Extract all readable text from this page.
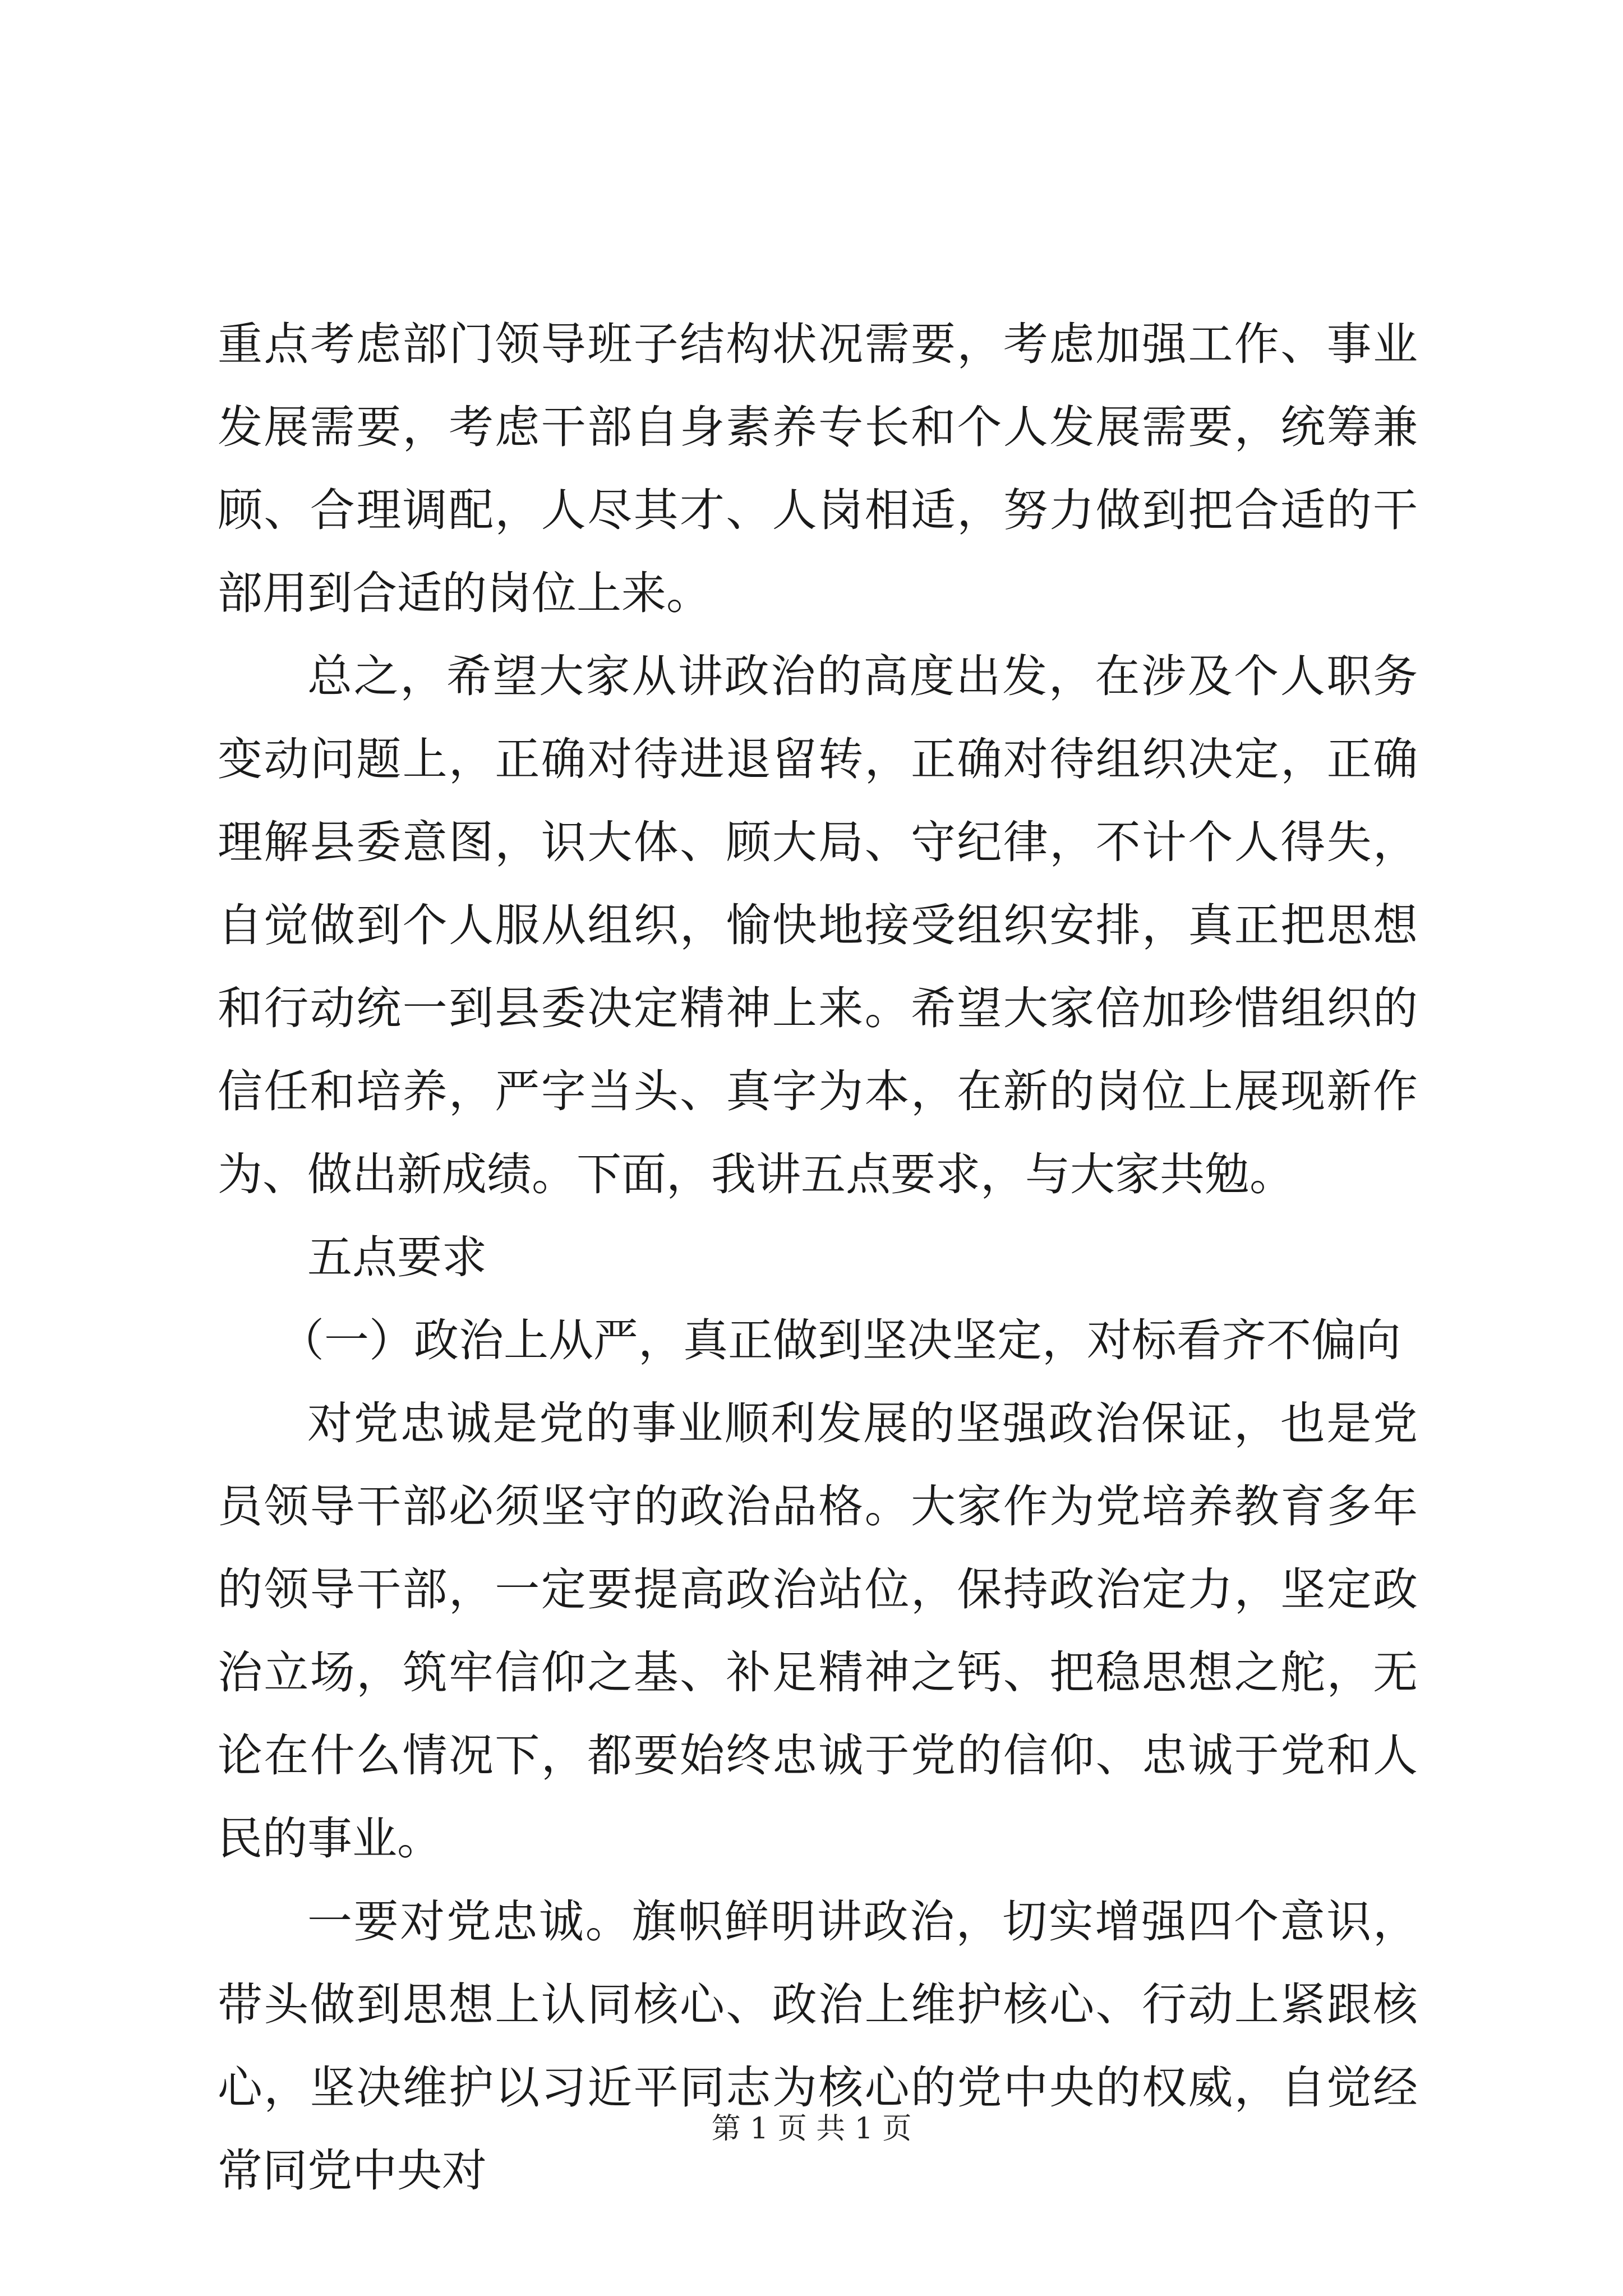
重点考虑部门领导班子结构状况需要，考虑加强工作、事业发展需要，考虑干部自身素养专长和个人发展需要，统筹兼顾、合理调配，人尽其才、人岗相适，努力做到把合适的干部用到合适的岗位上来。

总之，希望大家从讲政治的高度出发，在涉及个人职务变动问题上，正确对待进退留转，正确对待组织决定，正确理解县委意图，识大体、顾大局、守纪律，不计个人得失，自觉做到个人服从组织，愉快地接受组织安排，真正把思想和行动统一到县委决定精神上来。希望大家倍加珍惜组织的信任和培养，严字当头、真字为本，在新的岗位上展现新作为、做出新成绩。下面，我讲五点要求，与大家共勉。

五点要求

（一）政治上从严，真正做到坚决坚定，对标看齐不偏向

对党忠诚是党的事业顺利发展的坚强政治保证，也是党员领导干部必须坚守的政治品格。大家作为党培养教育多年的领导干部，一定要提高政治站位，保持政治定力，坚定政治立场，筑牢信仰之基、补足精神之钙、把稳思想之舵，无论在什么情况下，都要始终忠诚于党的信仰、忠诚于党和人民的事业。

一要对党忠诚。旗帜鲜明讲政治，切实增强四个意识，带头做到思想上认同核心、政治上维护核心、行动上紧跟核心，坚决维护以习近平同志为核心的党中央的权威，自觉经常同党中央对

第 1 页 共 1 页
